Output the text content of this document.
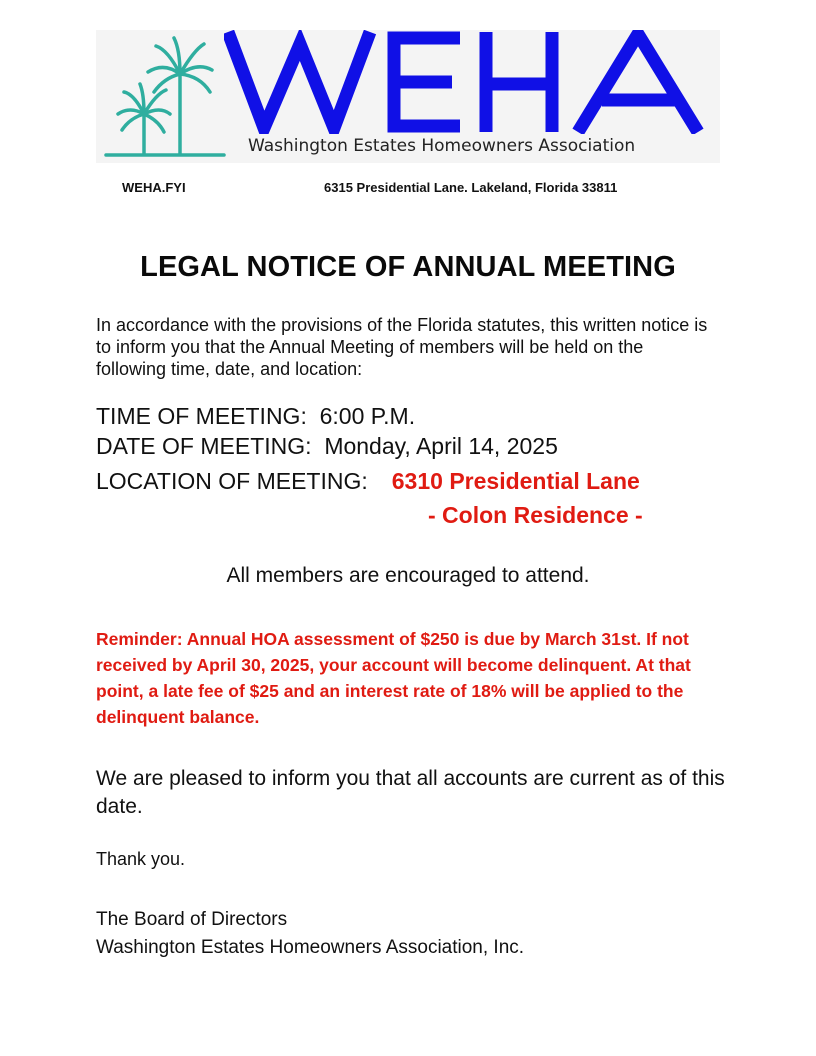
Washington Estates Homeowners Association
WEHA.FYI	6315 Presidential Lane. Lakeland, Florida 33811
LEGAL NOTICE OF ANNUAL MEETING

In accordance with the provisions of the Florida statutes, this written notice is to inform you that the Annual Meeting of members will be held on the following time, date, and location:

TIME OF MEETING: 6:00 P.M.
DATE OF MEETING: Monday, April 14, 2025
LOCATION OF MEETING: 6310 Presidential Lane
- Colon Residence -

All members are encouraged to attend.

Reminder: Annual HOA assessment of $250 is due by March 31st. If not received by April 30, 2025, your account will become delinquent. At that point, a late fee of $25 and an interest rate of 18% will be applied to the delinquent balance.

We are pleased to inform you that all accounts are current as of this date.

Thank you.

The Board of Directors
Washington Estates Homeowners Association, Inc.
